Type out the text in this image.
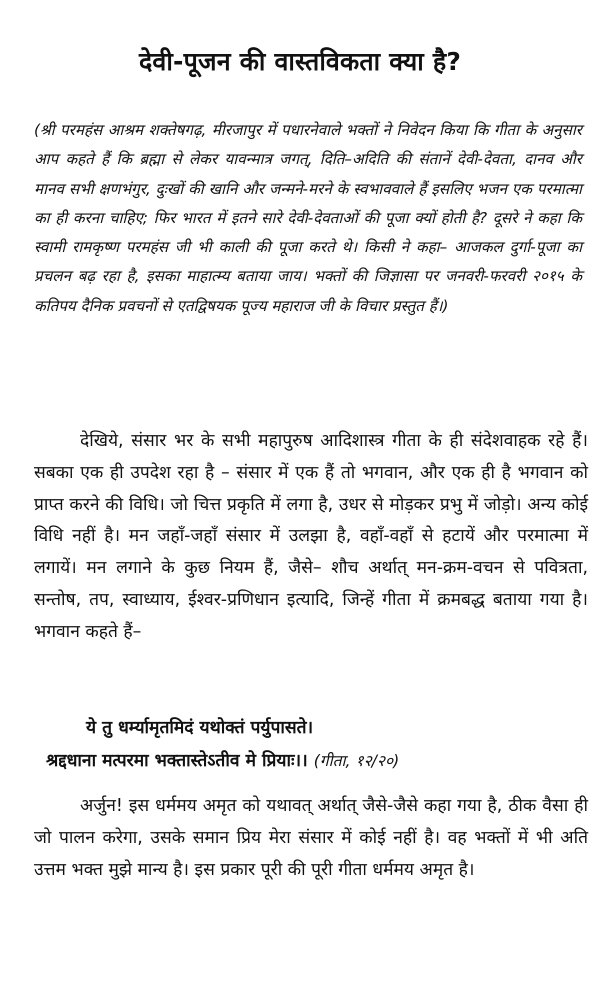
देवी-पूजन की वास्तविकता क्या है?

(श्री परमहंस आश्रम शक्तेषगढ़, मीरजापुर में पधारनेवाले भक्तों ने निवेदन किया कि गीता के अनुसार आप कहते हैं कि ब्रह्मा से लेकर यावन्मात्र जगत्, दिति–अदिति की संतानें देवी-देवता, दानव और मानव सभी क्षणभंगुर, दुःखों की खानि और जन्मने-मरने के स्वभाववाले हैं इसलिए भजन एक परमात्मा का ही करना चाहिए; फिर भारत में इतने सारे देवी-देवताओं की पूजा क्यों होती है? दूसरे ने कहा कि स्वामी रामकृष्ण परमहंस जी भी काली की पूजा करते थे। किसी ने कहा– आजकल दुर्गा-पूजा का प्रचलन बढ़ रहा है, इसका माहात्म्य बताया जाय। भक्तों की जिज्ञासा पर जनवरी-फरवरी २०१५ के कतिपय दैनिक प्रवचनों से एतद्विषयक पूज्य महाराज जी के विचार प्रस्तुत हैं।)

देखिये, संसार भर के सभी महापुरुष आदिशास्त्र गीता के ही संदेशवाहक रहे हैं। सबका एक ही उपदेश रहा है – संसार में एक हैं तो भगवान, और एक ही है भगवान को प्राप्त करने की विधि। जो चित्त प्रकृति में लगा है, उधर से मोड़कर प्रभु में जोड़ो। अन्य कोई विधि नहीं है। मन जहाँ-जहाँ संसार में उलझा है, वहाँ-वहाँ से हटायें और परमात्मा में लगायें। मन लगाने के कुछ नियम हैं, जैसे– शौच अर्थात् मन-क्रम-वचन से पवित्रता, सन्तोष, तप, स्वाध्याय, ईश्वर-प्रणिधान इत्यादि, जिन्हें गीता में क्रमबद्ध बताया गया है। भगवान कहते हैं–

ये तु धर्म्यामृतमिदं यथोक्तं पर्युपासते।
श्रद्दधाना मत्परमा भक्तास्तेऽतीव मे प्रियाः।। (गीता, १२/२०)

अर्जुन! इस धर्ममय अमृत को यथावत् अर्थात् जैसे-जैसे कहा गया है, ठीक वैसा ही जो पालन करेगा, उसके समान प्रिय मेरा संसार में कोई नहीं है। वह भक्तों में भी अति उत्तम भक्त मुझे मान्य है। इस प्रकार पूरी की पूरी गीता धर्ममय अमृत है।
